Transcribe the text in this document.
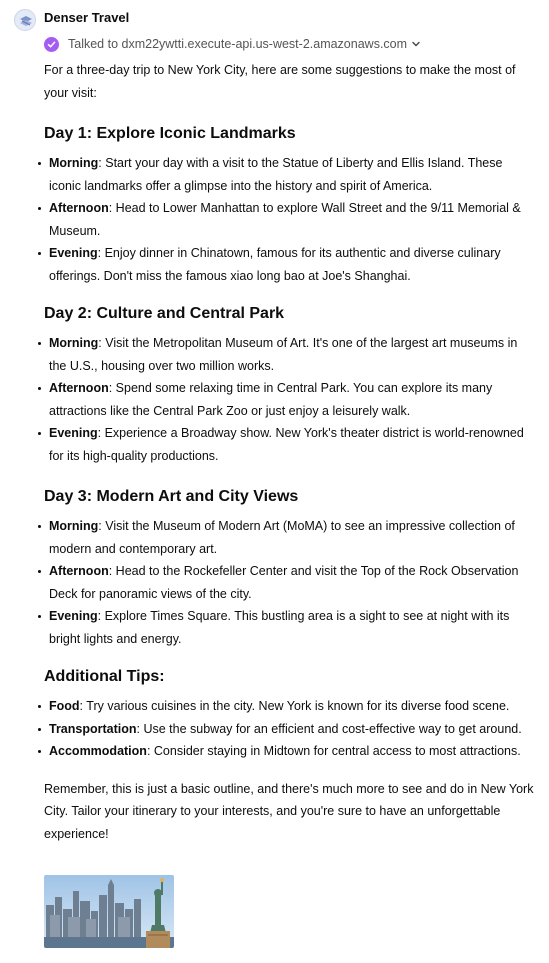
Denser Travel
Talked to dxm22ywtti.execute-api.us-west-2.amazonaws.com

For a three-day trip to New York City, here are some suggestions to make the most of your visit:

Day 1: Explore Iconic Landmarks
Morning: Start your day with a visit to the Statue of Liberty and Ellis Island. These iconic landmarks offer a glimpse into the history and spirit of America.
Afternoon: Head to Lower Manhattan to explore Wall Street and the 9/11 Memorial & Museum.
Evening: Enjoy dinner in Chinatown, famous for its authentic and diverse culinary offerings. Don't miss the famous xiao long bao at Joe's Shanghai.
Day 2: Culture and Central Park
Morning: Visit the Metropolitan Museum of Art. It's one of the largest art museums in the U.S., housing over two million works.
Afternoon: Spend some relaxing time in Central Park. You can explore its many attractions like the Central Park Zoo or just enjoy a leisurely walk.
Evening: Experience a Broadway show. New York's theater district is world-renowned for its high-quality productions.
Day 3: Modern Art and City Views
Morning: Visit the Museum of Modern Art (MoMA) to see an impressive collection of modern and contemporary art.
Afternoon: Head to the Rockefeller Center and visit the Top of the Rock Observation Deck for panoramic views of the city.
Evening: Explore Times Square. This bustling area is a sight to see at night with its bright lights and energy.
Additional Tips:
Food: Try various cuisines in the city. New York is known for its diverse food scene.
Transportation: Use the subway for an efficient and cost-effective way to get around.
Accommodation: Consider staying in Midtown for central access to most attractions.

Remember, this is just a basic outline, and there's much more to see and do in New York City. Tailor your itinerary to your interests, and you're sure to have an unforgettable experience!
